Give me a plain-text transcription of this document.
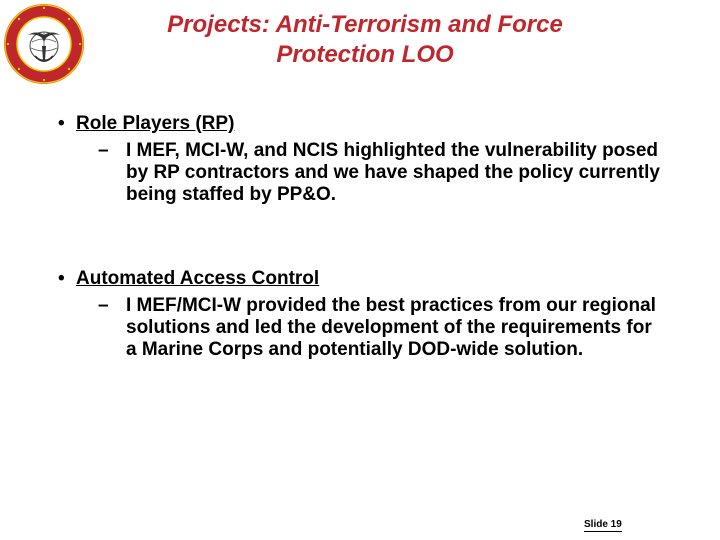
Projects: Anti-Terrorism and Force
Protection LOO
• Role Players (RP)
– I MEF, MCI-W, and NCIS highlighted the vulnerability posed by RP contractors and we have shaped the policy currently being staffed by PP&O.
• Automated Access Control
– I MEF/MCI-W provided the best practices from our regional solutions and led the development of the requirements for a Marine Corps and potentially DOD-wide solution.
Slide 19
